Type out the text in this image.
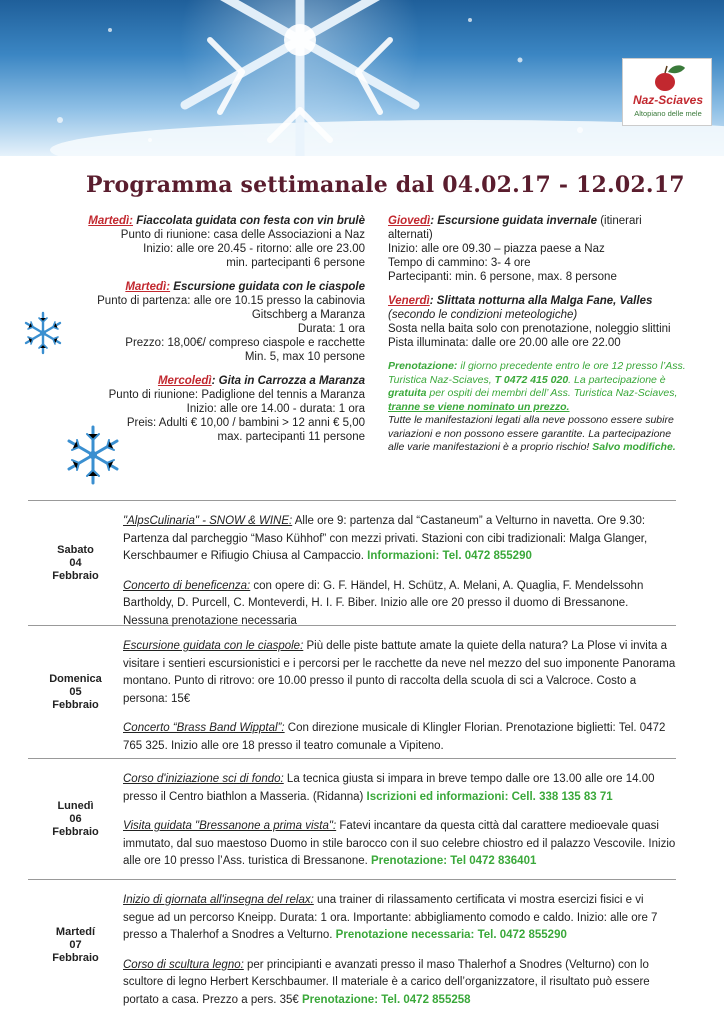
Naz-Sciaves
Altopiano delle mele
Programma settimanale dal 04.02.17 - 12.02.17

Martedì: Fiaccolata guidata con festa con vin brulè

Punto di riunione: casa delle Associazioni a Naz

Inizio: alle ore 20.45 - ritorno: alle ore 23.00

min. partecipanti 6 persone

Martedì: Escursione guidata con le ciaspole

Punto di partenza: alle ore 10.15 presso la cabinovia

Gitschberg a Maranza

Durata: 1 ora

Prezzo: 18,00€/ compreso ciaspole e racchette

Min. 5, max 10 persone

Mercoledì: Gita in Carrozza a Maranza

Punto di riunione: Padiglione del tennis a Maranza

Inizio: alle ore 14.00 - durata: 1 ora

Preis: Adulti € 10,00 / bambini > 12 anni € 5,00

max. partecipanti 11 persone

Giovedì: Escursione guidata invernale (itinerari alternati)

Inizio: alle ore 09.30 – piazza paese a Naz

Tempo di cammino: 3- 4 ore

Partecipanti: min. 6 persone, max. 8 persone

Venerdì: Slittata notturna alla Malga Fane, Valles

(secondo le condizioni meteologiche)

Sosta nella baita solo con prenotazione, noleggio slittini

Pista illuminata: dalle ore 20.00 alle ore 22.00

Prenotazione: il giorno precedente entro le ore 12 presso l’Ass. Turistica Naz-Sciaves, T 0472 415 020. La partecipazione è gratuita per ospiti dei membri dell’ Ass. Turistica Naz-Sciaves, tranne se viene nominato un prezzo.

Tutte le manifestazioni legati alla neve possono essere subire variazioni e non possono essere garantite. La partecipazione alle varie manifestazioni è a proprio rischio! Salvo modifiche.

Sabato
04
Febbraio
"AlpsCulinaria" - SNOW & WINE: Alle ore 9: partenza dal “Castaneum” a Velturno in navetta. Ore 9.30: Partenza dal parcheggio “Maso Kühhof” con mezzi privati. Stazioni con cibi tradizionali: Malga Glanger, Kerschbaumer e Rifiugio Chiusa al Campaccio. Informazioni: Tel. 0472 855290
Concerto di beneficenza: con opere di: G. F. Händel, H. Schütz, A. Melani, A. Quaglia, F. Mendelssohn Bartholdy, D. Purcell, C. Monteverdi, H. I. F. Biber. Inizio alle ore 20 presso il duomo di Bressanone. Nessuna prenotazione necessaria
Domenica
05
Febbraio
Escursione guidata con le ciaspole: Più delle piste battute amate la quiete della natura? La Plose vi invita a visitare i sentieri escursionistici e i percorsi per le racchette da neve nel mezzo del suo imponente Panorama montano. Punto di ritrovo: ore 10.00 presso il punto di raccolta della scuola di sci a Valcroce. Costo a persona: 15€
Concerto “Brass Band Wipptal”: Con direzione musicale di Klingler Florian. Prenotazione biglietti: Tel. 0472 765 325. Inizio alle ore 18 presso il teatro comunale a Vipiteno.
Lunedì
06
Febbraio
Corso d'iniziazione sci di fondo: La tecnica giusta si impara in breve tempo dalle ore 13.00 alle ore 14.00 presso il Centro biathlon a Masseria. (Ridanna) Iscrizioni ed informazioni: Cell. 338 135 83 71
Visita guidata "Bressanone a prima vista": Fatevi incantare da questa città dal carattere medioevale quasi immutato, dal suo maestoso Duomo in stile barocco con il suo celebre chiostro ed il palazzo Vescovile. Inizio alle ore 10 presso l’Ass. turistica di Bressanone. Prenotazione: Tel 0472 836401
Martedí
07
Febbraio
Inizio di giornata all'insegna del relax: una trainer di rilassamento certificata vi mostra esercizi fisici e vi segue ad un percorso Kneipp. Durata: 1 ora. Importante: abbigliamento comodo e caldo. Inizio: alle ore 7 presso a Thalerhof a Snodres a Velturno. Prenotazione necessaria: Tel. 0472 855290
Corso di scultura legno: per principianti e avanzati presso il maso Thalerhof a Snodres (Velturno) con lo scultore di legno Herbert Kerschbaumer. Il materiale è a carico dell’organizzatore, il risultato può essere portato a casa. Prezzo a pers. 35€ Prenotazione: Tel. 0472 855258
